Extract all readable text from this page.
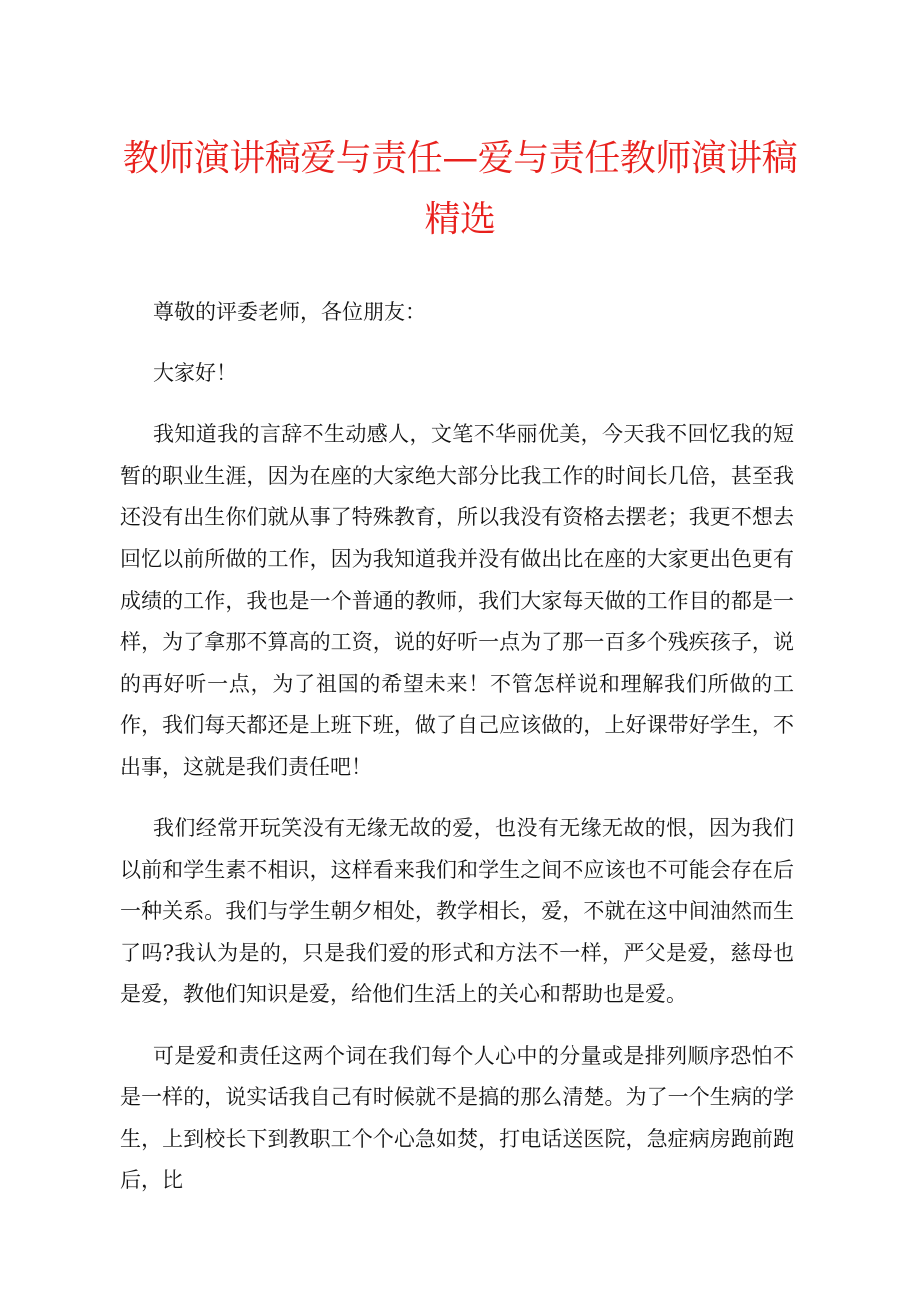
教师演讲稿爱与责任—爱与责任教师演讲稿精选

尊敬的评委老师，各位朋友：

大家好！

我知道我的言辞不生动感人，文笔不华丽优美，今天我不回忆我的短暂的职业生涯，因为在座的大家绝大部分比我工作的时间长几倍，甚至我还没有出生你们就从事了特殊教育，所以我没有资格去摆老；我更不想去回忆以前所做的工作，因为我知道我并没有做出比在座的大家更出色更有成绩的工作，我也是一个普通的教师，我们大家每天做的工作目的都是一样，为了拿那不算高的工资，说的好听一点为了那一百多个残疾孩子，说的再好听一点，为了祖国的希望未来！不管怎样说和理解我们所做的工作，我们每天都还是上班下班，做了自己应该做的，上好课带好学生，不出事，这就是我们责任吧！

我们经常开玩笑没有无缘无故的爱，也没有无缘无故的恨，因为我们以前和学生素不相识，这样看来我们和学生之间不应该也不可能会存在后一种关系。我们与学生朝夕相处，教学相长，爱，不就在这中间油然而生了吗?我认为是的，只是我们爱的形式和方法不一样，严父是爱，慈母也是爱，教他们知识是爱，给他们生活上的关心和帮助也是爱。

可是爱和责任这两个词在我们每个人心中的分量或是排列顺序恐怕不是一样的，说实话我自己有时候就不是搞的那么清楚。为了一个生病的学生，上到校长下到教职工个个心急如焚，打电话送医院，急症病房跑前跑后，比
